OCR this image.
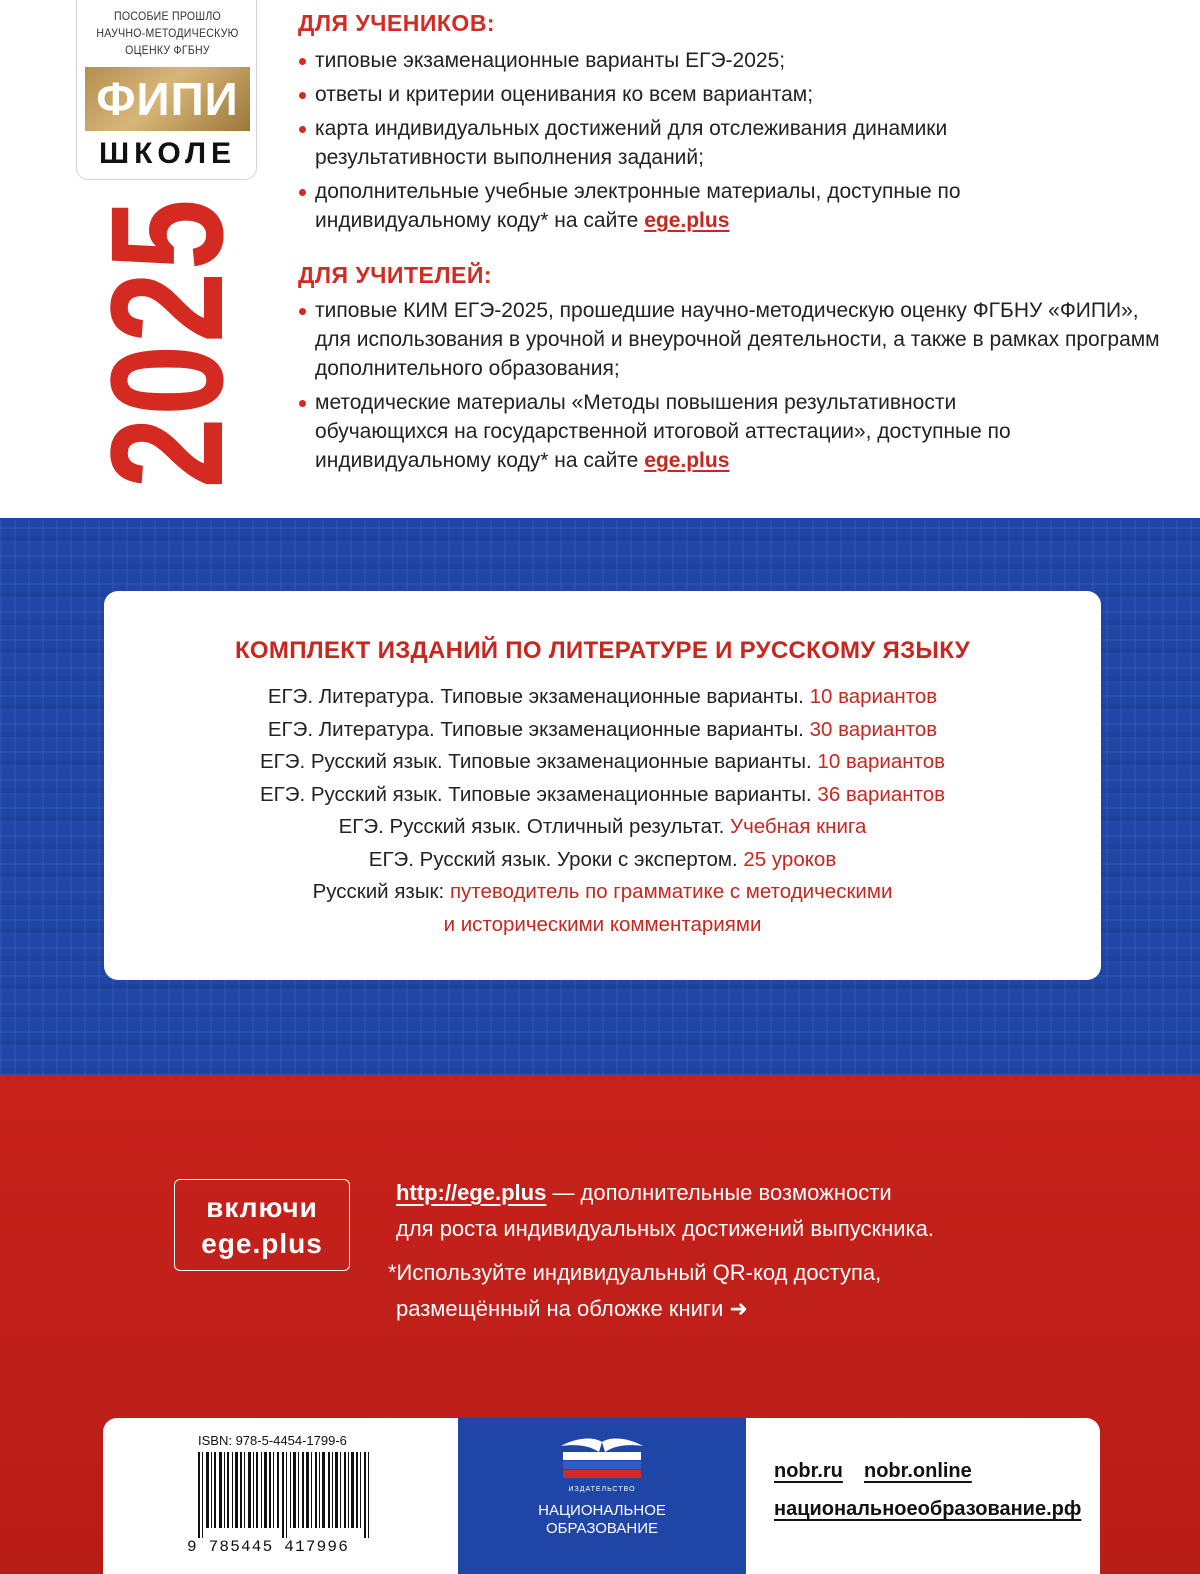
ПОСОБИЕ ПРОШЛО
НАУЧНО-МЕТОДИЧЕСКУЮ
ОЦЕНКУ ФГБНУ
ФИПИ
ШКОЛЕ
2025
ДЛЯ УЧЕНИКОВ:
типовые экзаменационные варианты ЕГЭ-2025;
ответы и критерии оценивания ко всем вариантам;
карта индивидуальных достижений для отслеживания динамики результативности выполнения заданий;
дополнительные учебные электронные материалы, доступные по индивидуальному коду* на сайте ege.plus
ДЛЯ УЧИТЕЛЕЙ:
типовые КИМ ЕГЭ-2025, прошедшие научно-методическую оценку ФГБНУ «ФИПИ», для использования в урочной и внеурочной деятельности, а также в рамках программ дополнительного образования;
методические материалы «Методы повышения результативности обучающихся на государственной итоговой аттестации», доступные по индивидуальному коду* на сайте ege.plus
КОМПЛЕКТ ИЗДАНИЙ ПО ЛИТЕРАТУРЕ И РУССКОМУ ЯЗЫКУ
ЕГЭ. Литература. Типовые экзаменационные варианты. 10 вариантов
ЕГЭ. Литература. Типовые экзаменационные варианты. 30 вариантов
ЕГЭ. Русский язык. Типовые экзаменационные варианты. 10 вариантов
ЕГЭ. Русский язык. Типовые экзаменационные варианты. 36 вариантов
ЕГЭ. Русский язык. Отличный результат. Учебная книга
ЕГЭ. Русский язык. Уроки с экспертом. 25 уроков
Русский язык: путеводитель по грамматике с методическими
и историческими комментариями
включи
ege.plus
http://ege.plus — дополнительные возможности
для роста индивидуальных достижений выпускника.
*Используйте индивидуальный QR-код доступа,
размещённый на обложке книги ➜
ISBN: 978-5-4454-1799-6
9 785445 417996
ИЗДАТЕЛЬСТВО
НАЦИОНАЛЬНОЕ
ОБРАЗОВАНИЕ
nobr.ru nobr.online
национальноеобразование.рф
